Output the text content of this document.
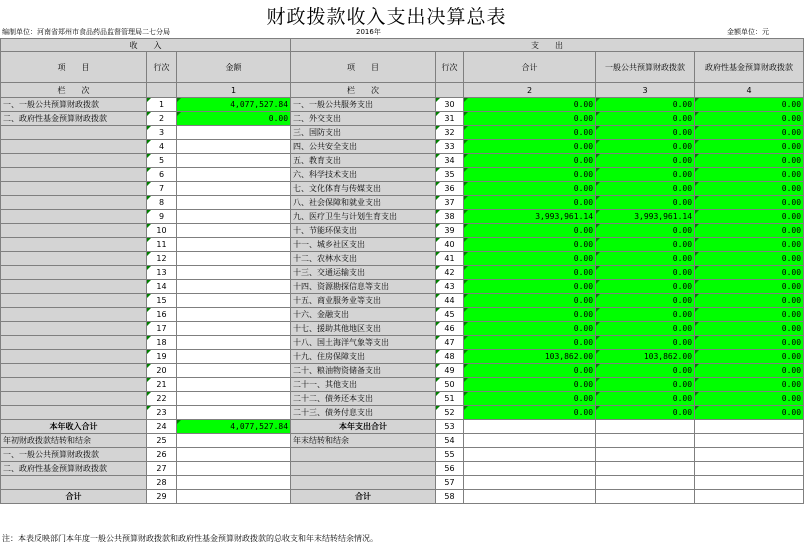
财政拨款收入支出决算总表
编制单位：河南省郑州市食品药品监督管理局二七分局	2016年	金额单位：元
收　　入			支　　出				
项　　目	行次	金额	项　　目	行次	合计	一般公共预算财政拨款	政府性基金预算财政拨款
栏　　次		1	栏　　次		2	3	4
一、一般公共预算财政拨款	1	4,077,527.84	一、一般公共服务支出	30	0.00	0.00	0.00
二、政府性基金预算财政拨款	2	0.00	二、外交支出	31	0.00	0.00	0.00
	3		三、国防支出	32	0.00	0.00	0.00
	4		四、公共安全支出	33	0.00	0.00	0.00
	5		五、教育支出	34	0.00	0.00	0.00
	6		六、科学技术支出	35	0.00	0.00	0.00
	7		七、文化体育与传媒支出	36	0.00	0.00	0.00
	8		八、社会保障和就业支出	37	0.00	0.00	0.00
	9		九、医疗卫生与计划生育支出	38	3,993,961.14	3,993,961.14	0.00
	10		十、节能环保支出	39	0.00	0.00	0.00
	11		十一、城乡社区支出	40	0.00	0.00	0.00
	12		十二、农林水支出	41	0.00	0.00	0.00
	13		十三、交通运输支出	42	0.00	0.00	0.00
	14		十四、资源勘探信息等支出	43	0.00	0.00	0.00
	15		十五、商业服务业等支出	44	0.00	0.00	0.00
	16		十六、金融支出	45	0.00	0.00	0.00
	17		十七、援助其他地区支出	46	0.00	0.00	0.00
	18		十八、国土海洋气象等支出	47	0.00	0.00	0.00
	19		十九、住房保障支出	48	103,862.00	103,862.00	0.00
	20		二十、粮油物资储备支出	49	0.00	0.00	0.00
	21		二十一、其他支出	50	0.00	0.00	0.00
	22		二十二、债务还本支出	51	0.00	0.00	0.00
	23		二十三、债务付息支出	52	0.00	0.00	0.00
本年收入合计	24	4,077,527.84	本年支出合计	53			
年初财政拨款结转和结余	25		年末结转和结余	54			
一、一般公共预算财政拨款	26			55			
二、政府性基金预算财政拨款	27			56			
	28			57			
合计	29		合计	58			
注：本表反映部门本年度一般公共预算财政拨款和政府性基金预算财政拨款的总收支和年末结转结余情况。
